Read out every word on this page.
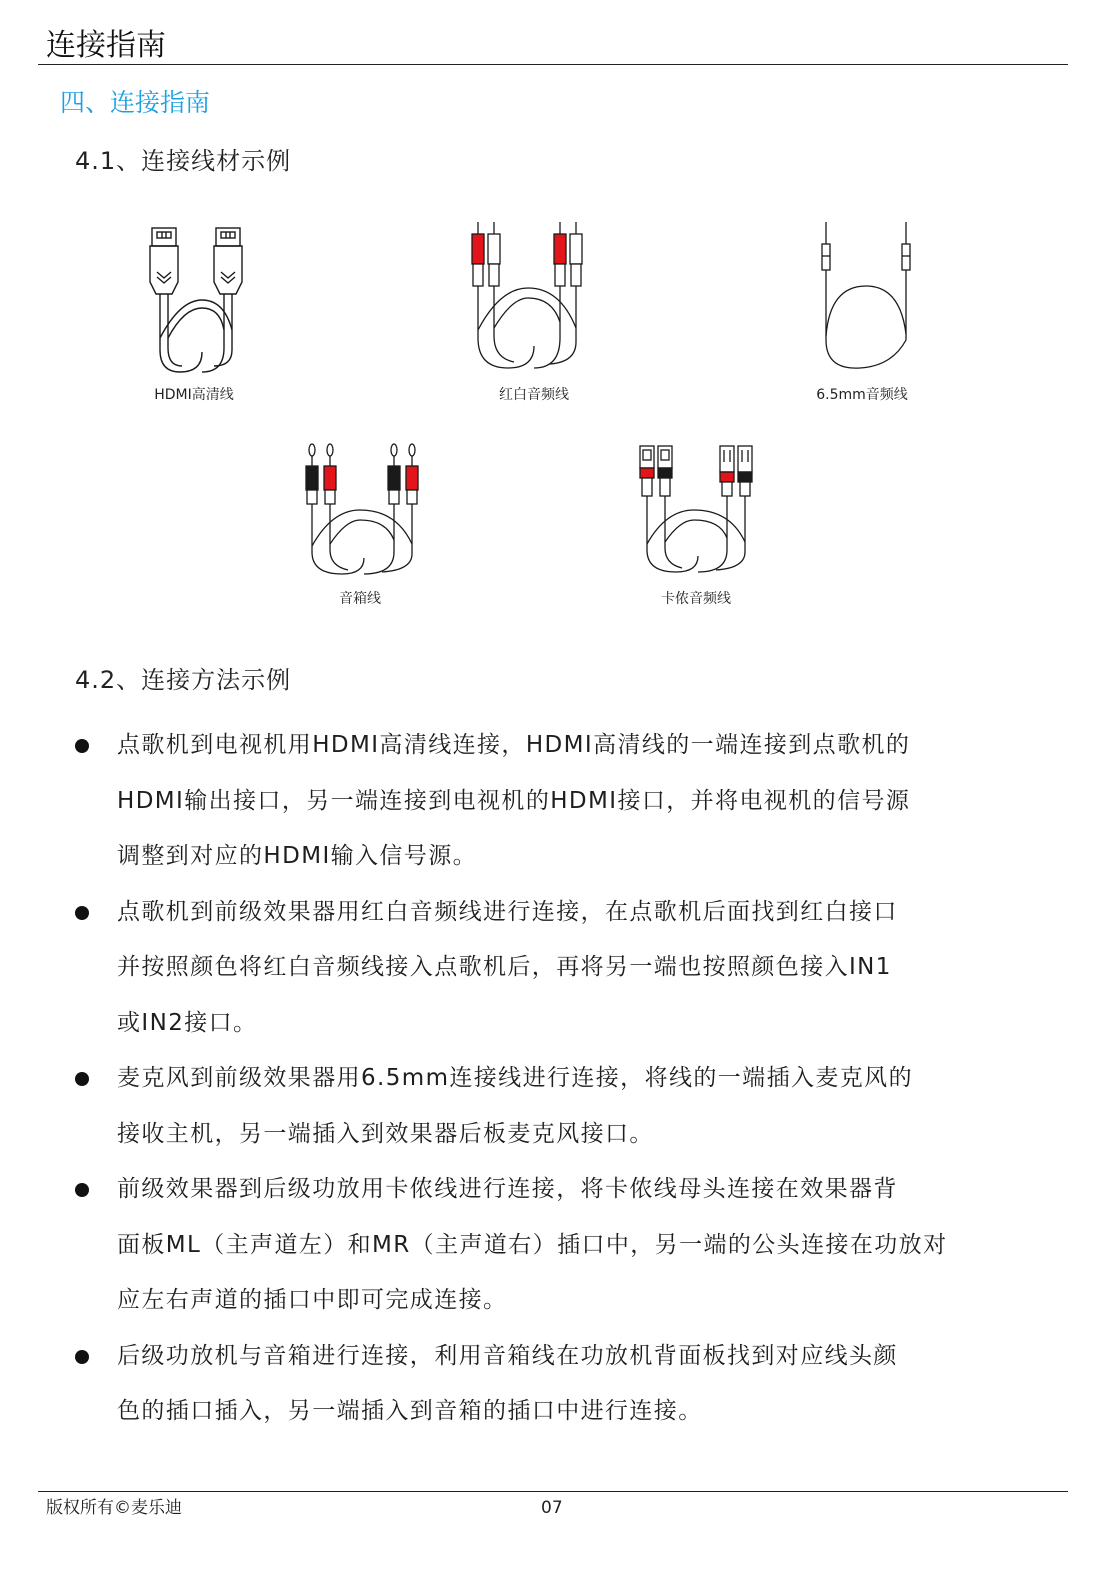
连接指南
四、连接指南
4.1、连接线材示例
HDMI高清线	红白音频线	6.5mm音频线
音箱线	卡侬音频线
4.2、连接方法示例
点歌机到电视机用HDMI高清线连接，HDMI高清线的一端连接到点歌机的
HDMI输出接口，另一端连接到电视机的HDMI接口，并将电视机的信号源
调整到对应的HDMI输入信号源。
点歌机到前级效果器用红白音频线进行连接，在点歌机后面找到红白接口
并按照颜色将红白音频线接入点歌机后，再将另一端也按照颜色接入IN1
或IN2接口。
麦克风到前级效果器用6.5mm连接线进行连接，将线的一端插入麦克风的
接收主机，另一端插入到效果器后板麦克风接口。
前级效果器到后级功放用卡侬线进行连接，将卡侬线母头连接在效果器背
面板ML（主声道左）和MR（主声道右）插口中，另一端的公头连接在功放对
应左右声道的插口中即可完成连接。
后级功放机与音箱进行连接，利用音箱线在功放机背面板找到对应线头颜
色的插口插入，另一端插入到音箱的插口中进行连接。
版权所有©麦乐迪	07
